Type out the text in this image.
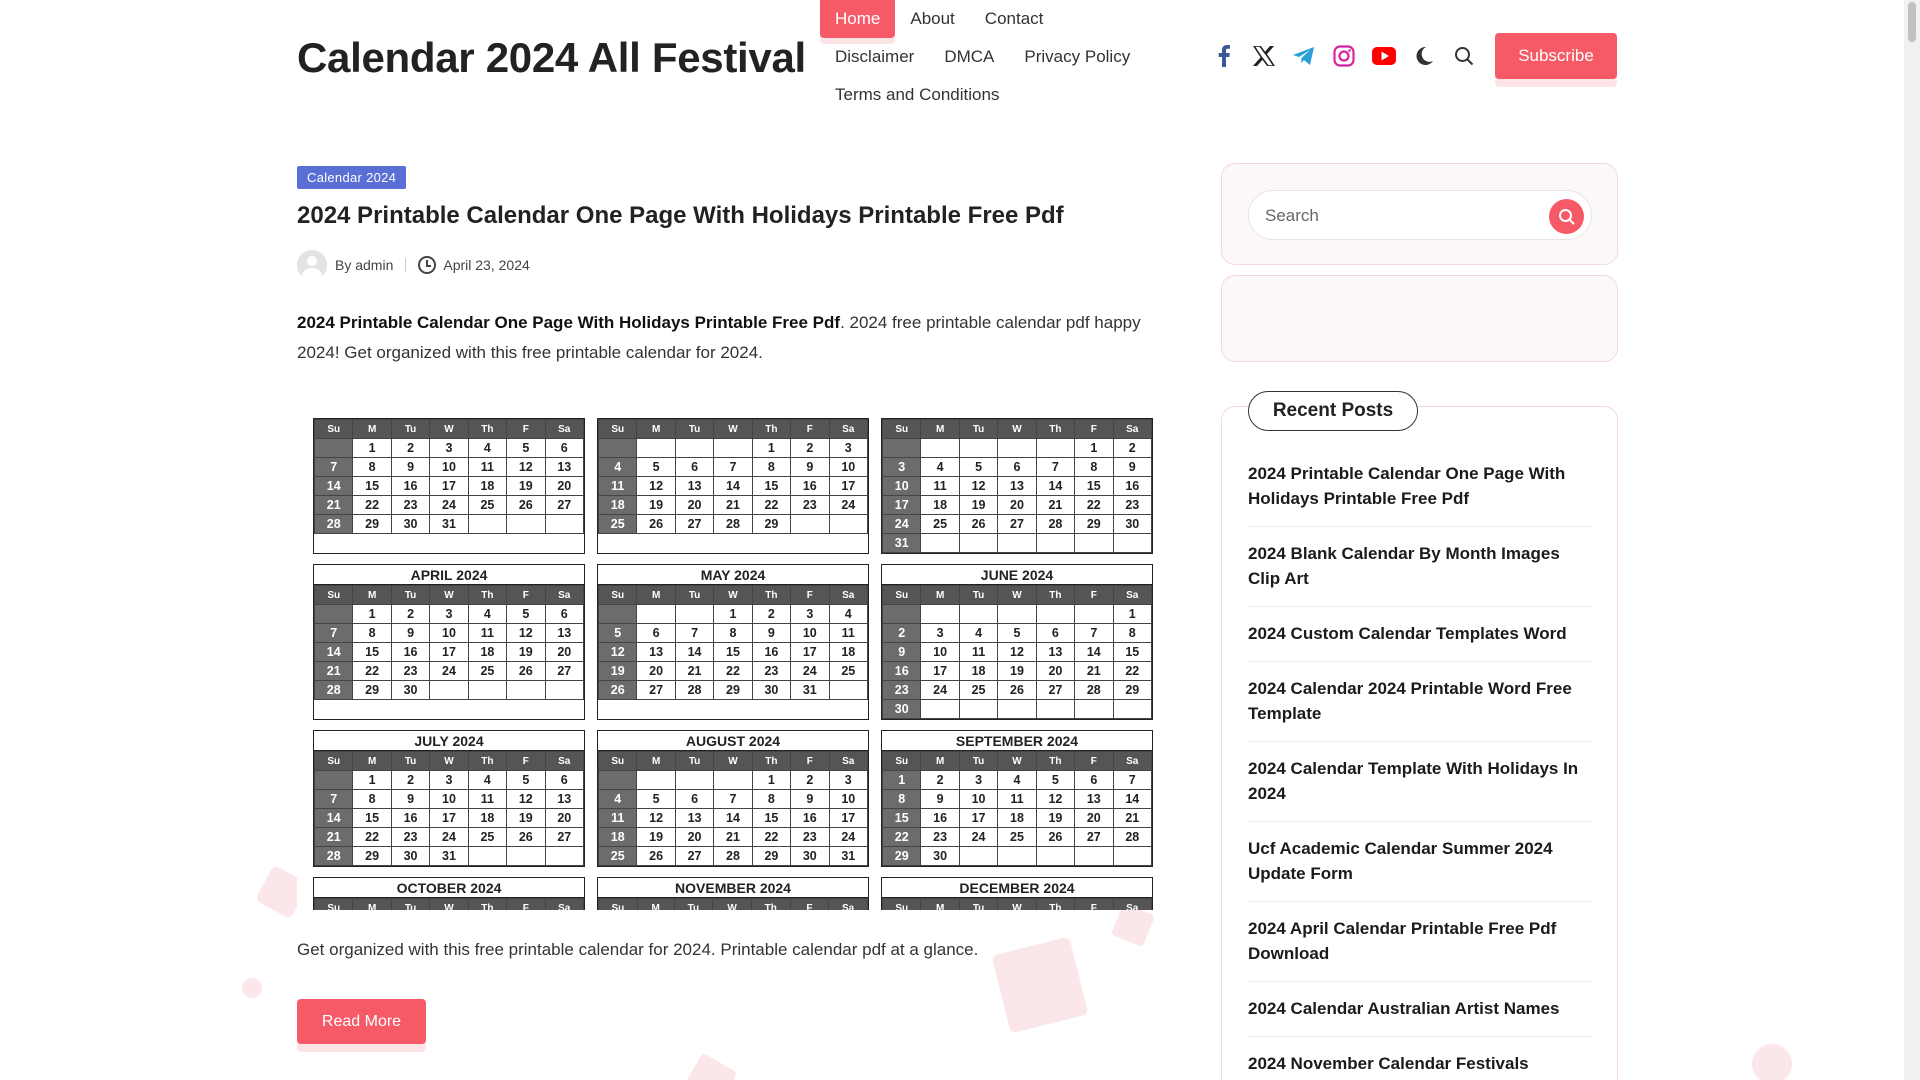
Calendar 2024 All Festival
Home About ContactDisclaimer DMCA Privacy PolicyTerms and Conditions
Subscribe
Calendar 2024
2024 Printable Calendar One Page With Holidays Printable Free Pdf
By
admin	April 23, 2024

2024 Printable Calendar One Page With Holidays Printable Free Pdf. 2024 free printable calendar pdf happy 2024! Get organized with this free printable calendar for 2024.

Su	M	Tu	W	Th	F	Sa
	1	2	3	4	5	6
7	8	9	10	11	12	13
14	15	16	17	18	19	20
21	22	23	24	25	26	27
28	29	30	31			
Su	M	Tu	W	Th	F	Sa
				1	2	3
4	5	6	7	8	9	10
11	12	13	14	15	16	17
18	19	20	21	22	23	24
25	26	27	28	29		
Su	M	Tu	W	Th	F	Sa
					1	2
3	4	5	6	7	8	9
10	11	12	13	14	15	16
17	18	19	20	21	22	23
24	25	26	27	28	29	30
31						
APRIL 2024
Su	M	Tu	W	Th	F	Sa
	1	2	3	4	5	6
7	8	9	10	11	12	13
14	15	16	17	18	19	20
21	22	23	24	25	26	27
28	29	30				
MAY 2024
Su	M	Tu	W	Th	F	Sa
			1	2	3	4
5	6	7	8	9	10	11
12	13	14	15	16	17	18
19	20	21	22	23	24	25
26	27	28	29	30	31	
JUNE 2024
Su	M	Tu	W	Th	F	Sa
						1
2	3	4	5	6	7	8
9	10	11	12	13	14	15
16	17	18	19	20	21	22
23	24	25	26	27	28	29
30						
JULY 2024
Su	M	Tu	W	Th	F	Sa
	1	2	3	4	5	6
7	8	9	10	11	12	13
14	15	16	17	18	19	20
21	22	23	24	25	26	27
28	29	30	31			
AUGUST 2024
Su	M	Tu	W	Th	F	Sa
				1	2	3
4	5	6	7	8	9	10
11	12	13	14	15	16	17
18	19	20	21	22	23	24
25	26	27	28	29	30	31
SEPTEMBER 2024
Su	M	Tu	W	Th	F	Sa
1	2	3	4	5	6	7
8	9	10	11	12	13	14
15	16	17	18	19	20	21
22	23	24	25	26	27	28
29	30					
OCTOBER 2024
Su	M	Tu	W	Th	F	Sa

NOVEMBER 2024
Su	M	Tu	W	Th	F	Sa

DECEMBER 2024
Su	M	Tu	W	Th	F	Sa

Get organized with this free printable calendar for 2024. Printable calendar pdf at a glance.

Read More
Search
Recent Posts
2024 Printable Calendar One Page With Holidays Printable Free Pdf
2024 Blank Calendar By Month Images Clip Art
2024 Custom Calendar Templates Word
2024 Calendar 2024 Printable Word Free Template
2024 Calendar Template With Holidays In 2024
Ucf Academic Calendar Summer 2024 Update Form
2024 April Calendar Printable Free Pdf Download
2024 Calendar Australian Artist Names
2024 November Calendar Festivals
